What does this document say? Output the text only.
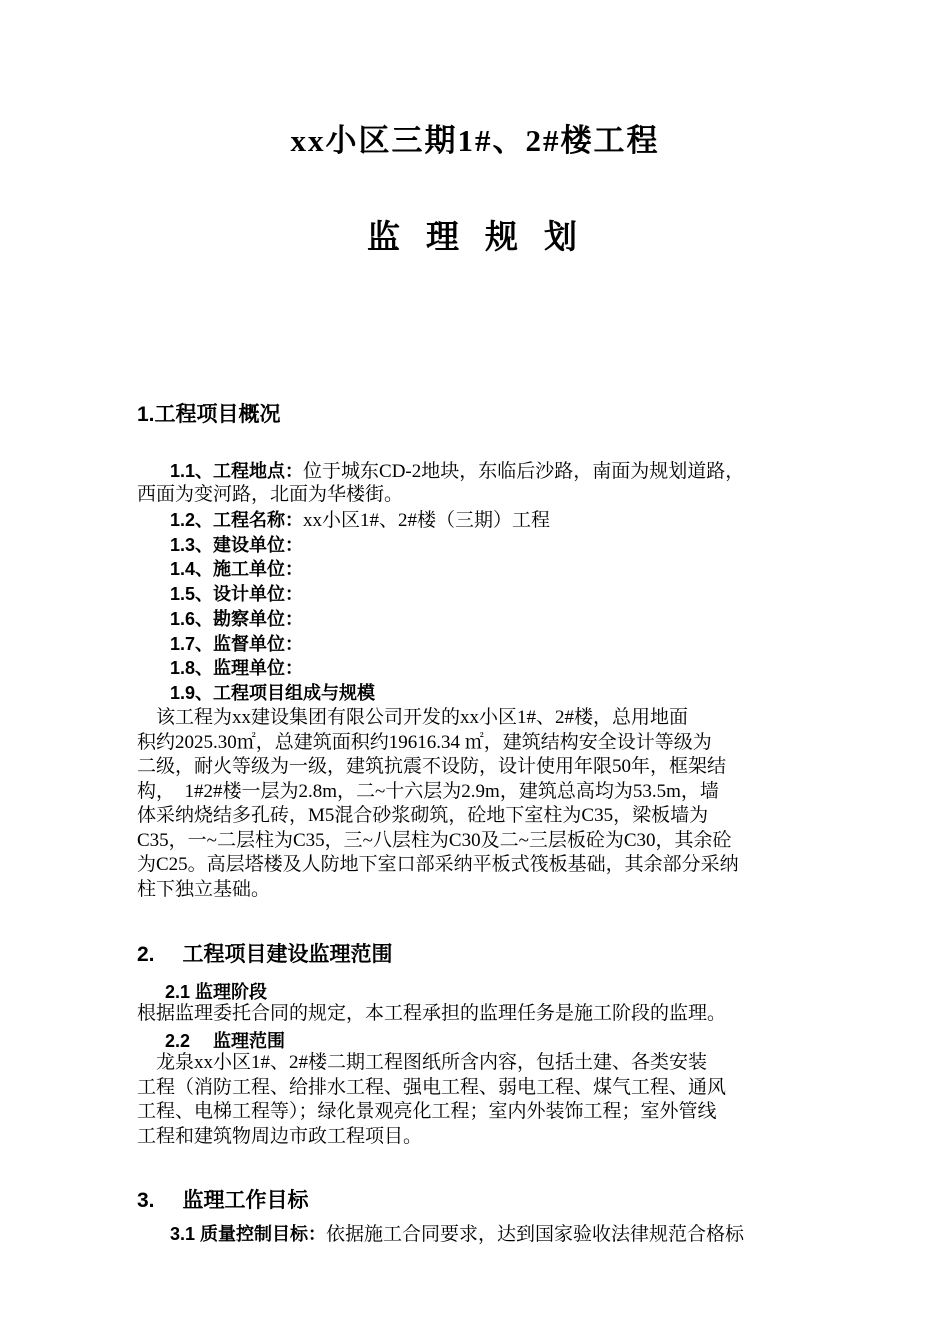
xx小区三期1#、2#楼工程
监理规划
1.工程项目概况
1.1、工程地点：位于城东CD-2地块，东临后沙路，南面为规划道路，
西面为变河路，北面为华楼街。
1.2、工程名称：xx小区1#、2#楼（三期）工程
1.3、建设单位：
1.4、施工单位：
1.5、设计单位：
1.6、勘察单位：
1.7、监督单位：
1.8、监理单位：
1.9、工程项目组成与规模
　该工程为xx建设集团有限公司开发的xx小区1#、2#楼，总用地面
积约2025.30㎡，总建筑面积约19616.34 ㎡，建筑结构安全设计等级为
二级，耐火等级为一级，建筑抗震不设防，设计使用年限50年，框架结
构，　1#2#楼一层为2.8m，二~十六层为2.9m，建筑总高均为53.5m，墙
体采纳烧结多孔砖，M5混合砂浆砌筑，砼地下室柱为C35，梁板墙为
C35，一~二层柱为C35，三~八层柱为C30及二~三层板砼为C30，其余砼
为C25。高层塔楼及人防地下室口部采纳平板式筏板基础，其余部分采纳
柱下独立基础。
2. 工程项目建设监理范围
2.1 监理阶段
根据监理委托合同的规定，本工程承担的监理任务是施工阶段的监理。
2.2　 监理范围
　龙泉xx小区1#、2#楼二期工程图纸所含内容，包括土建、各类安装
工程（消防工程、给排水工程、强电工程、弱电工程、煤气工程、通风
工程、电梯工程等）；绿化景观亮化工程；室内外装饰工程；室外管线
工程和建筑物周边市政工程项目。
3. 监理工作目标
3.1 质量控制目标：依据施工合同要求，达到国家验收法律规范合格标
